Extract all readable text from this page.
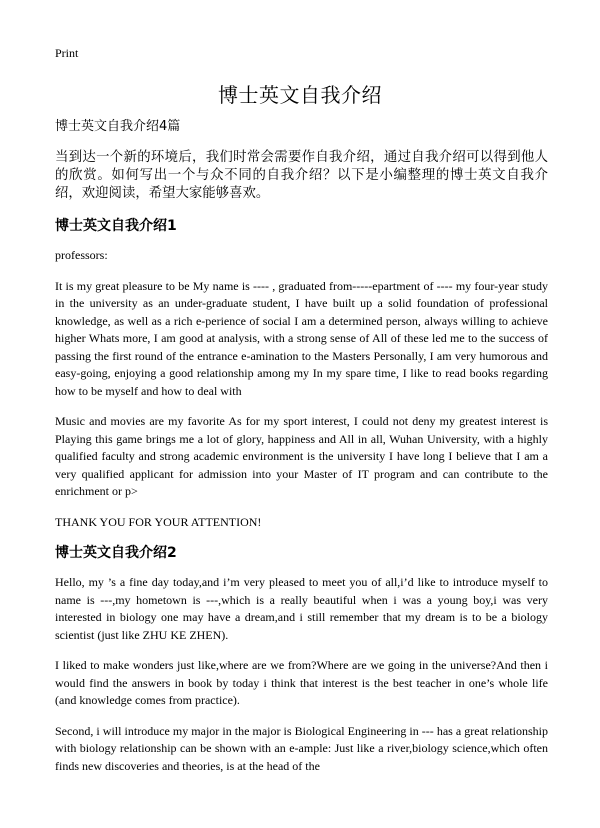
Print
博士英文自我介绍
博士英文自我介绍4篇
当到达一个新的环境后，我们时常会需要作自我介绍，通过自我介绍可以得到他人的欣赏。如何写出一个与众不同的自我介绍？以下是小编整理的博士英文自我介绍，欢迎阅读，希望大家能够喜欢。
博士英文自我介绍1
professors:
It is my great pleasure to be My name is ---- , graduated from-----epartment of ---- my four-year study in the university as an under-graduate student, I have built up a solid foundation of professional knowledge, as well as a rich e-perience of social I am a determined person, always willing to achieve higher Whats more, I am good at analysis, with a strong sense of All of these led me to the success of passing the first round of the entrance e-amination to the Masters Personally, I am very humorous and easy-going, enjoying a good relationship among my In my spare time, I like to read books regarding how to be myself and how to deal with
Music and movies are my favorite As for my sport interest, I could not deny my greatest interest is Playing this game brings me a lot of glory, happiness and All in all, Wuhan University, with a highly qualified faculty and strong academic environment is the university I have long I believe that I am a very qualified applicant for admission into your Master of IT program and can contribute to the enrichment or p>
THANK YOU FOR YOUR ATTENTION!
博士英文自我介绍2
Hello, my ’s a fine day today,and i’m very pleased to meet you of all,i’d like to introduce myself to name is ---,my hometown is ---,which is a really beautiful when i was a young boy,i was very interested in biology one may have a dream,and i still remember that my dream is to be a biology scientist (just like ZHU KE ZHEN).
I liked to make wonders just like,where are we from?Where are we going in the universe?And then i would find the answers in book by today i think that interest is the best teacher in one’s whole life (and knowledge comes from practice).
Second, i will introduce my major in the major is Biological Engineering in --- has a great relationship with biology relationship can be shown with an e-ample: Just like a river,biology science,which often finds new discoveries and theories, is at the head of the
